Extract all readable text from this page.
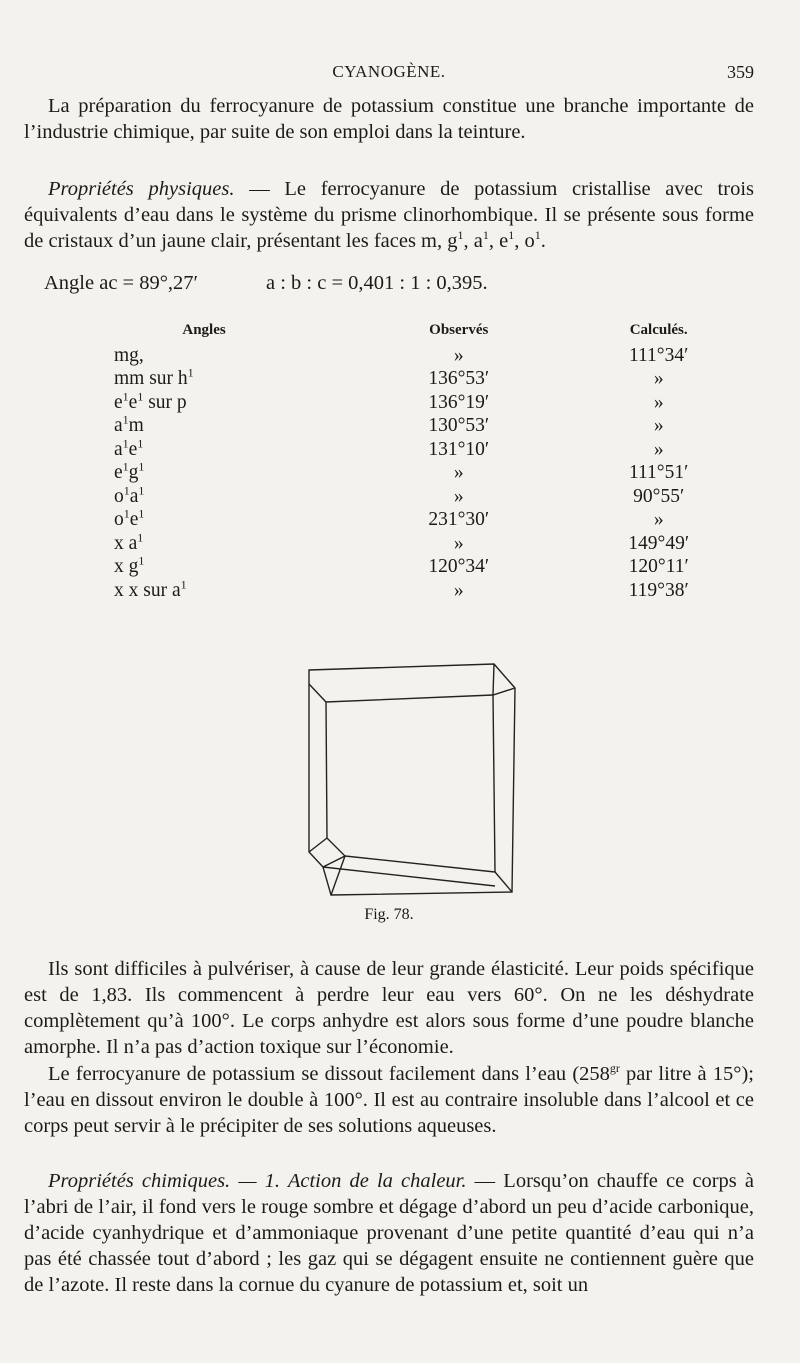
CYANOGÈNE.	359

La préparation du ferrocyanure de potassium constitue une branche importante de l’industrie chimique, par suite de son emploi dans la teinture.

Propriétés physiques. — Le ferrocyanure de potassium cristallise avec trois équivalents d’eau dans le système du prisme clinorhombique. Il se présente sous forme de cristaux d’un jaune clair, présentant les faces m, $g^1$, $a^1$, $e^1$, $o^1$.

Angle ac = 89°,27′	a : b : c = 0,401 : 1 : 0,395.
Angles	Observés	Calculés.
mg,	»	111°34′
mm sur $h^1$	136°53′	»
$e^1e^1$ sur p	136°19′	»
$a^1m$	130°53′	»
$a^1e^1$	131°10′	»
$e^1g^1$	»	111°51′
$o^1a^1$	»	90°55′
$o^1e^1$	231°30′	»
x $a^1$	»	149°49′
x $g^1$	120°34′	120°11′
x x sur $a^1$	»	119°38′
Fig. 78.

Ils sont difficiles à pulvériser, à cause de leur grande élasticité. Leur poids spécifique est de 1,83. Ils commencent à perdre leur eau vers 60°. On ne les déshydrate complètement qu’à 100°. Le corps anhydre est alors sous forme d’une poudre blanche amorphe. Il n’a pas d’action toxique sur l’économie.

Le ferrocyanure de potassium se dissout facilement dans l’eau ($258^{gr}$ par litre à 15°); l’eau en dissout environ le double à 100°. Il est au contraire insoluble dans l’alcool et ce corps peut servir à le précipiter de ses solutions aqueuses.

Propriétés chimiques. — 1. Action de la chaleur. — Lorsqu’on chauffe ce corps à l’abri de l’air, il fond vers le rouge sombre et dégage d’abord un peu d’acide carbonique, d’acide cyanhydrique et d’ammoniaque provenant d’une petite quantité d’eau qui n’a pas été chassée tout d’abord ; les gaz qui se dégagent ensuite ne contiennent guère que de l’azote. Il reste dans la cornue du cyanure de potassium et, soit un
